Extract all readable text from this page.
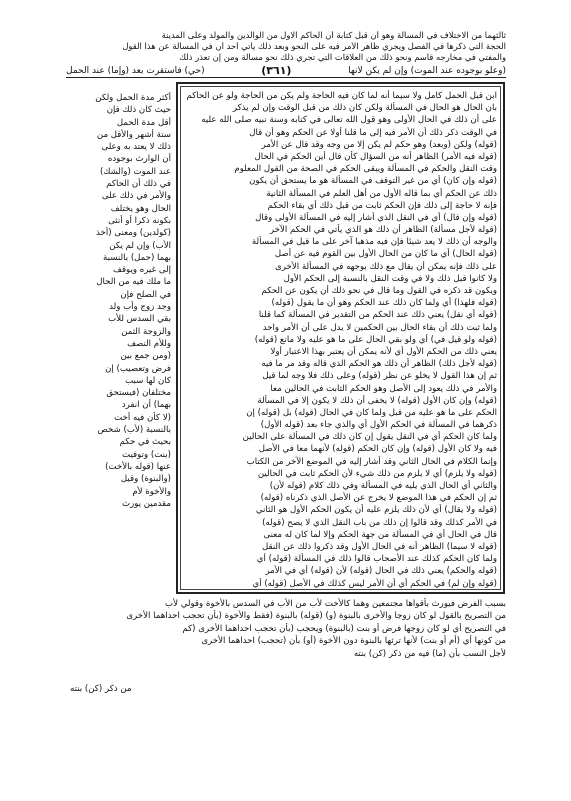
ثالثهما من الاختلاف في المسألة وهو أن قبل كتابة أن الحاكم الاول من الوالدين والمولد وعلى المدينة
الحجة التي ذكرها في الفصل ويجري ظاهر الأمر فيه على النحو وبعد ذلك يأتي أحد أن في المسألة عن هذا القول
والمفتي في مخارجه قاسم ونحو ذلك من العلاقات التي تجري ذلك نحو مسألة ومن إن تعذر ذلك
(وعلو بوجوده عند الموت) وإن لم يكن لانها
(٣٦١)
(حي) فاستقرت بعد (وإما) عند الحمل
ابن قبل الحمل كامل ولا سيما أنه لما كان فيه الحاجة ولم يكن من الحاجة ولو عن الحاكم
بان الحال هو الحال في المسألة ولكن كان ذلك من قبل الوقت وإن لم يذكر
على أن ذلك في الحال الأولى وهو قول الله تعالى في كتابه وسنة نبيه صلى الله عليه
في الوقت ذكر ذلك أن الأمر فيه إلى ما قلنا أولا عن الحكم وهو أن قال
(قوله) ولكن (وبعد) وهو حكم لم يكن إلا من وجه وقد قال عن الأمر
(قوله فيه الأمر) الظاهر أنه من السؤال كأن قال أين الحكم في الحال
وقت النقل والحكم في المسألة ويبقى الحكم في الصحة من القول المعلوم
(قوله وإن كان) أي من غير التوقف في المسألة هو ما يستحق أن يكون
ذلك عن الحكم أي بما قاله الأول من أهل العلم في المسألة الثانية
فإنه لا حاجة إلى ذلك فإن الحكم ثابت من قبل ذلك أي بقاء الحكم
(قوله وإن قال) أي في النقل الذي أشار إليه في المسألة الأولى وقال
(قوله لأجل مسألة) الظاهر أن ذلك هو الذي يأتي في الحكم الآخر
والوجه أن ذلك لا يعد شيئا فإن فيه مذهبا آخر على ما قيل في المسألة
(قوله الحال) أي ما كان من الحال الأول بين القوم فيه عن أصل
على ذلك فإنه يمكن أن يقال مع ذلك بوجهه في المسألة الأخرى
ولا كانوا قبل ذلك ولا في وقت النقل بالنسبة إلى الحكم الأول
ويكون قد ذكره في القول وما قال في نحو ذلك أن يكون عن الحكم
(قوله فلهذا) أي ولما كان ذلك عند الحكم وهو أن ما يقول (قوله)
(قوله أي نقل) يعني ذلك عند الحكم من التقدير في المسألة كما قلنا
ولما ثبت ذلك أن بقاء الحال بين الحكمين لا يدل على أن الأمر واحد
(قوله ولو قيل في) أي ولو بقي الحال على ما هو عليه ولا مانع (قوله)
يعني ذلك من الحكم الأول أي لأنه يمكن أن يعتبر بهذا الاعتبار أولا
(قوله لأجل ذلك) الظاهر أن ذلك هو الحكم الذي قاله وقد مر ما فيه
ثم إن هذا القول لا يخلو عن نظر (قوله) وعلى ذلك فلا وجه لما قيل
والأمر في ذلك يعود إلى الأصل وهو الحكم الثابت في الحالين معا
(قوله) وإن كان الأول (قوله) لا يخفى أن ذلك لا يكون إلا في المسألة
الحكم على ما هو عليه من قبل ولما كان في الحال (قوله) بل (قوله) إن
ذكرهما في المسألة في الحكم الأول أي والذي جاء بعد (قوله الأول)
ولما كان الحكم أي في النقل يقول إن كان ذلك في المسألة على الحالين
فيه ولا كان الأول (قوله) وإن كان الحكم (قوله) لأنهما معا في الأصل
وإنما الكلام في الحال الثاني وقد أشار إليه في الموضع الآخر من الكتاب
(قوله ولا يلزم) أي لا يلزم من ذلك شيء لأن الحكم ثابت في الحالين
والثاني أي الحال الذي يليه في المسألة وفي ذلك كلام (قوله لأن)
ثم إن الحكم في هذا الموضع لا يخرج عن الأصل الذي ذكرناه (قوله)
(قوله ولا يقال) أي لأن ذلك يلزم عليه أن يكون الحكم الأول هو الثاني
في الأمر كذلك وقد قالوا إن ذلك من باب النقل الذي لا يصح (قوله)
قال في الحال أي في المسألة من جهة الحكم وإلا لما كان له معنى
(قوله لا سيما) الظاهر أنه في الحال الأول وقد ذكروا ذلك عن النقل
ولما كان الحكم كذلك عند الأصحاب قالوا ذلك في المسألة (قوله) أي
(قوله والحكم) يعني ذلك في الحال (قوله) لأن (قوله) أي في الأمر
(قوله وإن لم) في الحكم أي أن الأمر ليس كذلك في الأصل (قوله) أي
أكثر مدة الحمل ولكن
حيث كان ذلك فإن
أقل مدة الحمل
ستة أشهر والأقل من
ذلك لا يعتد به وعلى
أن الوارث بوجوده
عند الموت (والشك)
في ذلك أن الحاكم
والأمر في ذلك على
الحال وهو يختلف
بكونه ذكرا أو أنثى
(كولدين) ومعنى (أخذ
الأب) وإن لم يكن
بهما (حمل) بالنسبة
إلى غيره ويوقف
ما ملك فيه من الحال
في الصلح فإن
وجد زوج وأب ولد
بقي السدس للأب
والزوجة الثمن
وللأم النصف
(ومن جمع بين
فرض وتعصيب) إن
كان لها سبب
مختلفان (فيستحق
بهما) أن انفرد
(لا كأن فيه أخت
بالنسبة (لأب) شخص
بحيث في حكم
(بنت) وتوفيت
عنها (قوله بالأخت)
(والبنوة) وقيل
والأخوة لأم
مقدمين يورث
بسبب الفرض فيورث بأقواها مجتمعين وهما كالأخت لأب من الأب في السدس بالأخوة وقولي لأب
من التصريح بالقول لو كان زوجا والأخرى بالبنوة (و) (قوله) بالبنوة (فقط والأخوة (بأن تحجب احداهما الأخرى
في التصريح أي لو كان زوجها فرض أو بنت (بالبنوة) ويحجب (بأن تحجب احداهما الأخرى (كم
من كونها أي (أم أو بنت) لأنها ترثها بالبنوة دون الأخوة (أو) بأن (تحجب) احداهما الأخرى
لأجل النسب بأن (ما) فيه من ذكر (كن) بنته
من ذكر (كن) بنته
